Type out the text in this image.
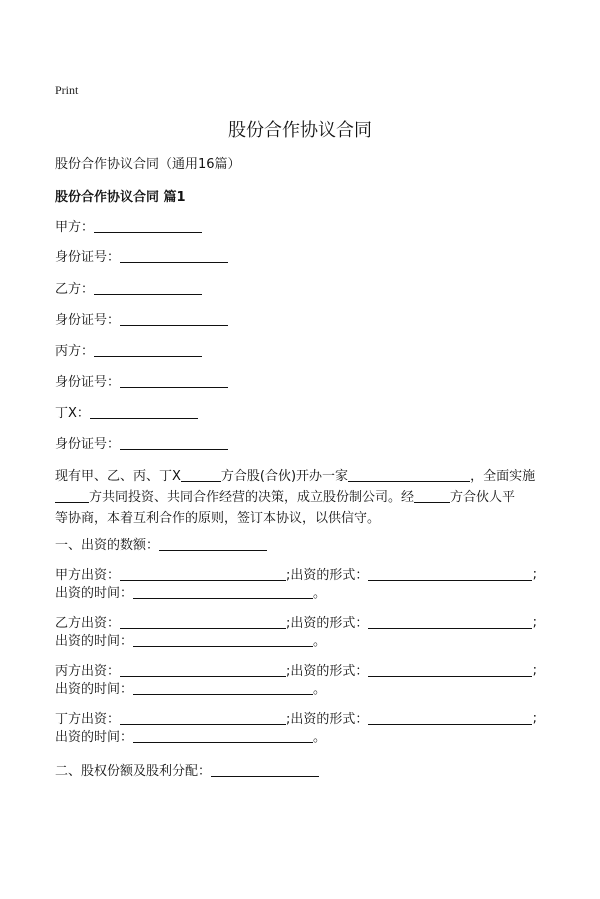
Print
股份合作协议合同
股份合作协议合同（通用16篇）
股份合作协议合同 篇1
甲方：
身份证号：
乙方：
身份证号：
丙方：
身份证号：
丁X：
身份证号：
现有甲、乙、丙、丁X	方合股(合伙)开办一家	，全面实施
方共同投资、共同合作经营的决策，成立股份制公司。经	方合伙人平
等协商，本着互利合作的原则，签订本协议，以供信守。
一、出资的数额：
甲方出资：	;出资的形式：	;
出资的时间：	。
乙方出资：	;出资的形式：	;
出资的时间：	。
丙方出资：	;出资的形式：	;
出资的时间：	。
丁方出资：	;出资的形式：	;
出资的时间：	。
二、股权份额及股利分配：
